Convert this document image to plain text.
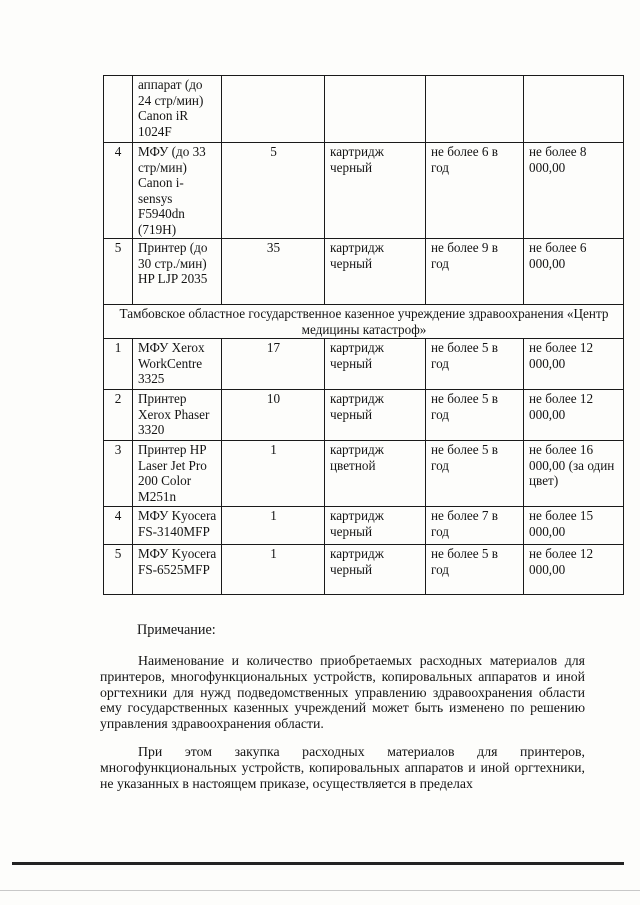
	аппарат (до 24 стр/мин) Canon iR 1024F				
4	МФУ (до 33 стр/мин) Canon i-sensys F5940dn (719H)	5	картридж черный	не более 6 в год	не более 8 000,00
5	Принтер (до 30 стр./мин) HP LJP 2035	35	картридж черный	не более 9 в год	не более 6 000,00
Тамбовское областное государственное казенное учреждение здравоохранения «Центр медицины катастроф»					
1	МФУ Xerox WorkCentre 3325	17	картридж черный	не более 5 в год	не более 12 000,00
2	Принтер Xerox Phaser 3320	10	картридж черный	не более 5 в год	не более 12 000,00
3	Принтер HP Laser Jet Pro 200 Color M251n	1	картридж цветной	не более 5 в год	не более 16 000,00 (за один цвет)
4	МФУ Kyocera FS-3140MFP	1	картридж черный	не более 7 в год	не более 15 000,00
5	МФУ Kyocera FS-6525MFP	1	картридж черный	не более 5 в год	не более 12 000,00
Примечание:

Наименование и количество приобретаемых расходных материалов для принтеров, многофункциональных устройств, копировальных аппаратов и иной оргтехники для нужд подведомственных управлению здравоохранения области ему государственных казенных учреждений может быть изменено по решению управления здравоохранения области.

При этом закупка расходных материалов для принтеров, многофункциональных устройств, копировальных аппаратов и иной оргтехники, не указанных в настоящем приказе, осуществляется в пределах
